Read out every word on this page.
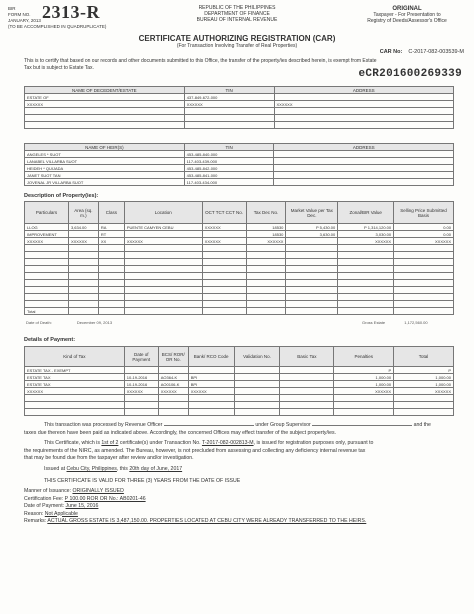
BIR
FORM NO.
JANUARY, 2013
(TO BE ACCOMPLISHED IN QUADRUPLICATE)
2313-R	REPUBLIC OF THE PHILIPPINES
DEPARTMENT OF FINANCE
BUREAU OF INTERNAL REVENUE
ORIGINAL
Taxpayer - For Presentation to
Registry of Deeds/Assessor's Office
CERTIFICATE AUTHORIZING REGISTRATION (CAR)
(For Transaction Involving Transfer of Real Properties)
CAR No: C-2017-082-003539-M
This is to certify that based on our records and other documents submitted to this Office, the transfer of the property/ies described herein, is exempt from Estate
Tax but is subject to Estate Tax.	eCR201600269339
NAME OF DECEDENT/ESTATE	TIN	ADDRESS
ESTATE OF	437-849-672-000	
XXXXXX	XXXXXX	XXXXXX

NAME OF HEIR(S)	TIN	ADDRESS
ANGELES * SUOT	453-485-840-000	
LANABEL VILLARBA SUOT	117-403-439-000	
HEIDEH * QUIJADA	453-485-842-000	
JANET SUOT TAN	453-485-841-000	
JOVENAL JR VILLARBA SUOT	117-403-434-000	
Description of Property(ies):
Particulars	Area (sq. m.)	Class	Location	OCT TCT CCT No.	Tax Dec No.	Market Value per Tax Dec.	Zonal/BIR Value	Selling Price Submitted Basis
LLOG	3,634.00	RA	PUENTE CAMYEN CEBU	XXXXXX	18530	P 5,430.00	P 1,314,120.00	0.00
IMPROVEMENT		RT			18530	3,630.00	3,030.00	0.00
XXXXXX	XXXXXX	XX	XXXXXX	XXXXXX	XXXXXX		XXXXXX	XXXXXX

Total								
Date of Death:	December 09, 2013	Gross Estate	1,172,560.00
Details of Payment:
Kind of Tax	Date of Payment	BCS/ ROR/ OR No.	Bank/ RCO Code	Validation No.	Basic Tax	Penalties	Total
ESTATE TAX - EXEMPT						P	P
ESTATE TAX	10-19-2016	AO364-K	BPI			1,000.00	1,000.00
ESTATE TAX	10-19-2016	AO0106-K	BPI			1,000.00	1,000.00
XXXXXX	XXXXXX	XXXXXX	XXXXXX			XXXXXX	XXXXXX

This transaction was processed by Revenue Officer	under Group Supervisor	and the
taxes due thereon have been paid as indicated above. Accordingly, the concerned Offices may effect transfer of the subject property/ies.
This Certificate, which is 1st of 2 certificate(s) under Transaction No. T-2017-082-002813-M, is issued for registration purposes only, pursuant to
the requirements of the NIRC, as amended. The Bureau, however, is not precluded from assessing and collecting any deficiency internal revenue tax
that may be found due from the taxpayer after review and/or investigation.
Issued at Cebu City, Philippines, this 20th day of June, 2017
THIS CERTIFICATE IS VALID FOR THREE (3) YEARS FROM THE DATE OF ISSUE
Manner of Issuance: ORIGINALLY ISSUED
Certification Fee: P 100.00 ROR OR No.: AB0201-46
Date of Payment: June 15, 2016
Reason: Not Applicable
Remarks: ACTUAL GROSS ESTATE IS 3,487,150.00. PROPERTIES LOCATED AT CEBU CITY WERE ALREADY TRANSFERRED TO THE HEIRS.
